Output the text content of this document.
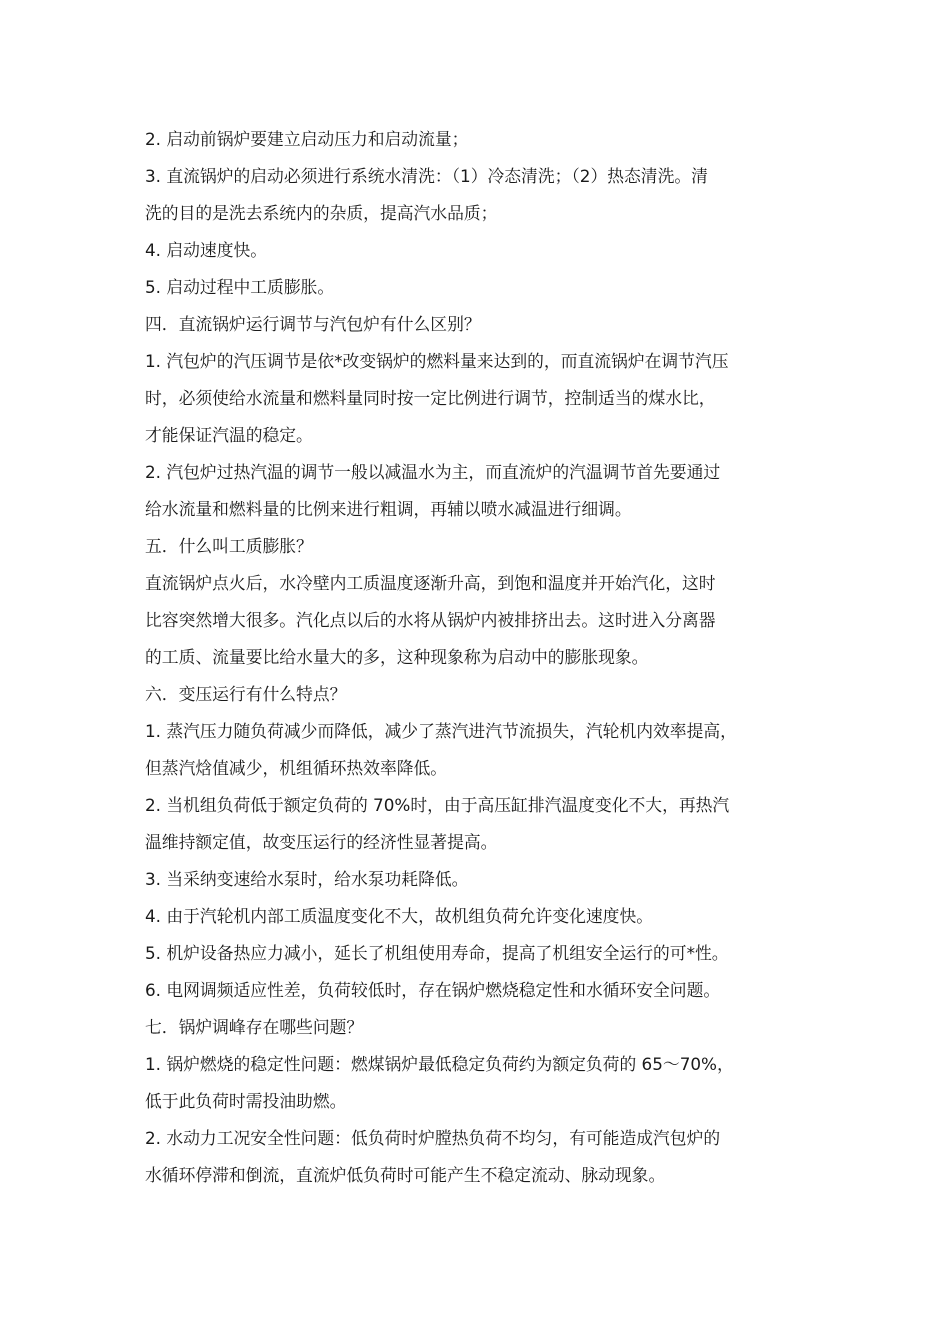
2. 启动前锅炉要建立启动压力和启动流量；
3. 直流锅炉的启动必须进行系统水清洗：（1）冷态清洗；（2）热态清洗。清
洗的目的是洗去系统内的杂质，提高汽水品质；
4. 启动速度快。
5. 启动过程中工质膨胀。
四．直流锅炉运行调节与汽包炉有什么区别？
1. 汽包炉的汽压调节是依*改变锅炉的燃料量来达到的，而直流锅炉在调节汽压
时，必须使给水流量和燃料量同时按一定比例进行调节，控制适当的煤水比，
才能保证汽温的稳定。
2. 汽包炉过热汽温的调节一般以减温水为主，而直流炉的汽温调节首先要通过
给水流量和燃料量的比例来进行粗调，再辅以喷水减温进行细调。
五．什么叫工质膨胀？
直流锅炉点火后，水冷壁内工质温度逐渐升高，到饱和温度并开始汽化，这时
比容突然增大很多。汽化点以后的水将从锅炉内被排挤出去。这时进入分离器
的工质、流量要比给水量大的多，这种现象称为启动中的膨胀现象。
六．变压运行有什么特点？
1. 蒸汽压力随负荷减少而降低，减少了蒸汽进汽节流损失，汽轮机内效率提高，
但蒸汽焓值减少，机组循环热效率降低。
2. 当机组负荷低于额定负荷的 70%时，由于高压缸排汽温度变化不大，再热汽
温维持额定值，故变压运行的经济性显著提高。
3. 当采纳变速给水泵时，给水泵功耗降低。
4. 由于汽轮机内部工质温度变化不大，故机组负荷允许变化速度快。
5. 机炉设备热应力减小，延长了机组使用寿命，提高了机组安全运行的可*性。
6. 电网调频适应性差，负荷较低时，存在锅炉燃烧稳定性和水循环安全问题。
七．锅炉调峰存在哪些问题？
1. 锅炉燃烧的稳定性问题：燃煤锅炉最低稳定负荷约为额定负荷的 65～70%，
低于此负荷时需投油助燃。
2. 水动力工况安全性问题：低负荷时炉膛热负荷不均匀，有可能造成汽包炉的
水循环停滞和倒流，直流炉低负荷时可能产生不稳定流动、脉动现象。
